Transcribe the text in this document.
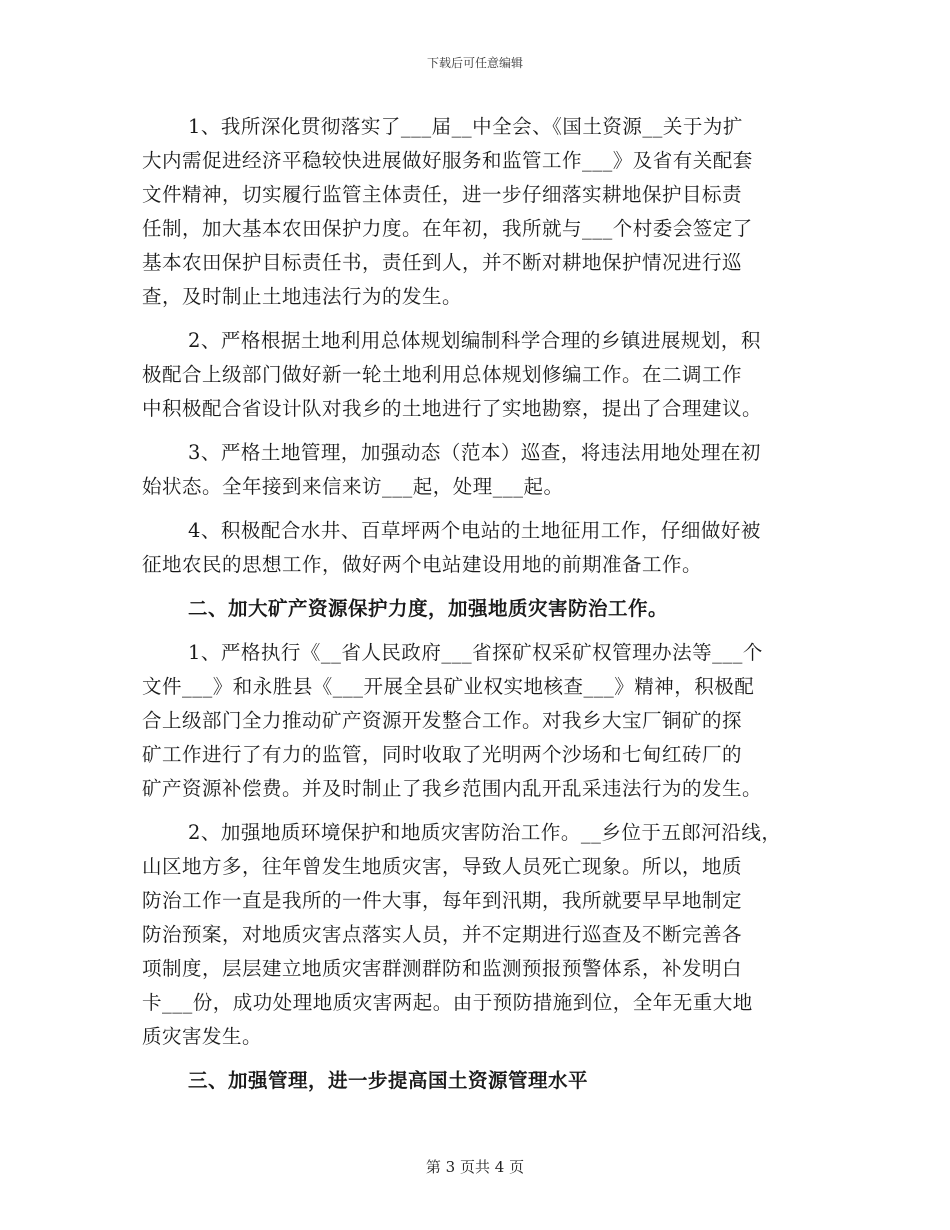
下载后可任意编辑
1、我所深化贯彻落实了___届__中全会、《国土资源__关于为扩
大内需促进经济平稳较快进展做好服务和监管工作___》及省有关配套
文件精神，切实履行监管主体责任，进一步仔细落实耕地保护目标责
任制，加大基本农田保护力度。在年初，我所就与___个村委会签定了
基本农田保护目标责任书，责任到人，并不断对耕地保护情况进行巡
查，及时制止土地违法行为的发生。
2、严格根据土地利用总体规划编制科学合理的乡镇进展规划，积
极配合上级部门做好新一轮土地利用总体规划修编工作。在二调工作
中积极配合省设计队对我乡的土地进行了实地勘察，提出了合理建议。
3、严格土地管理，加强动态（范本）巡查，将违法用地处理在初
始状态。全年接到来信来访___起，处理___起。
4、积极配合水井、百草坪两个电站的土地征用工作，仔细做好被
征地农民的思想工作，做好两个电站建设用地的前期准备工作。
二、加大矿产资源保护力度，加强地质灾害防治工作。
1、严格执行《__省人民政府___省探矿权采矿权管理办法等___个
文件___》和永胜县《___开展全县矿业权实地核查___》精神，积极配
合上级部门全力推动矿产资源开发整合工作。对我乡大宝厂铜矿的探
矿工作进行了有力的监管，同时收取了光明两个沙场和七甸红砖厂的
矿产资源补偿费。并及时制止了我乡范围内乱开乱采违法行为的发生。
2、加强地质环境保护和地质灾害防治工作。__乡位于五郎河沿线，
山区地方多，往年曾发生地质灾害，导致人员死亡现象。所以，地质
防治工作一直是我所的一件大事，每年到汛期，我所就要早早地制定
防治预案，对地质灾害点落实人员，并不定期进行巡查及不断完善各
项制度，层层建立地质灾害群测群防和监测预报预警体系，补发明白
卡___份，成功处理地质灾害两起。由于预防措施到位，全年无重大地
质灾害发生。
三、加强管理，进一步提高国土资源管理水平
第 3 页共 4 页
